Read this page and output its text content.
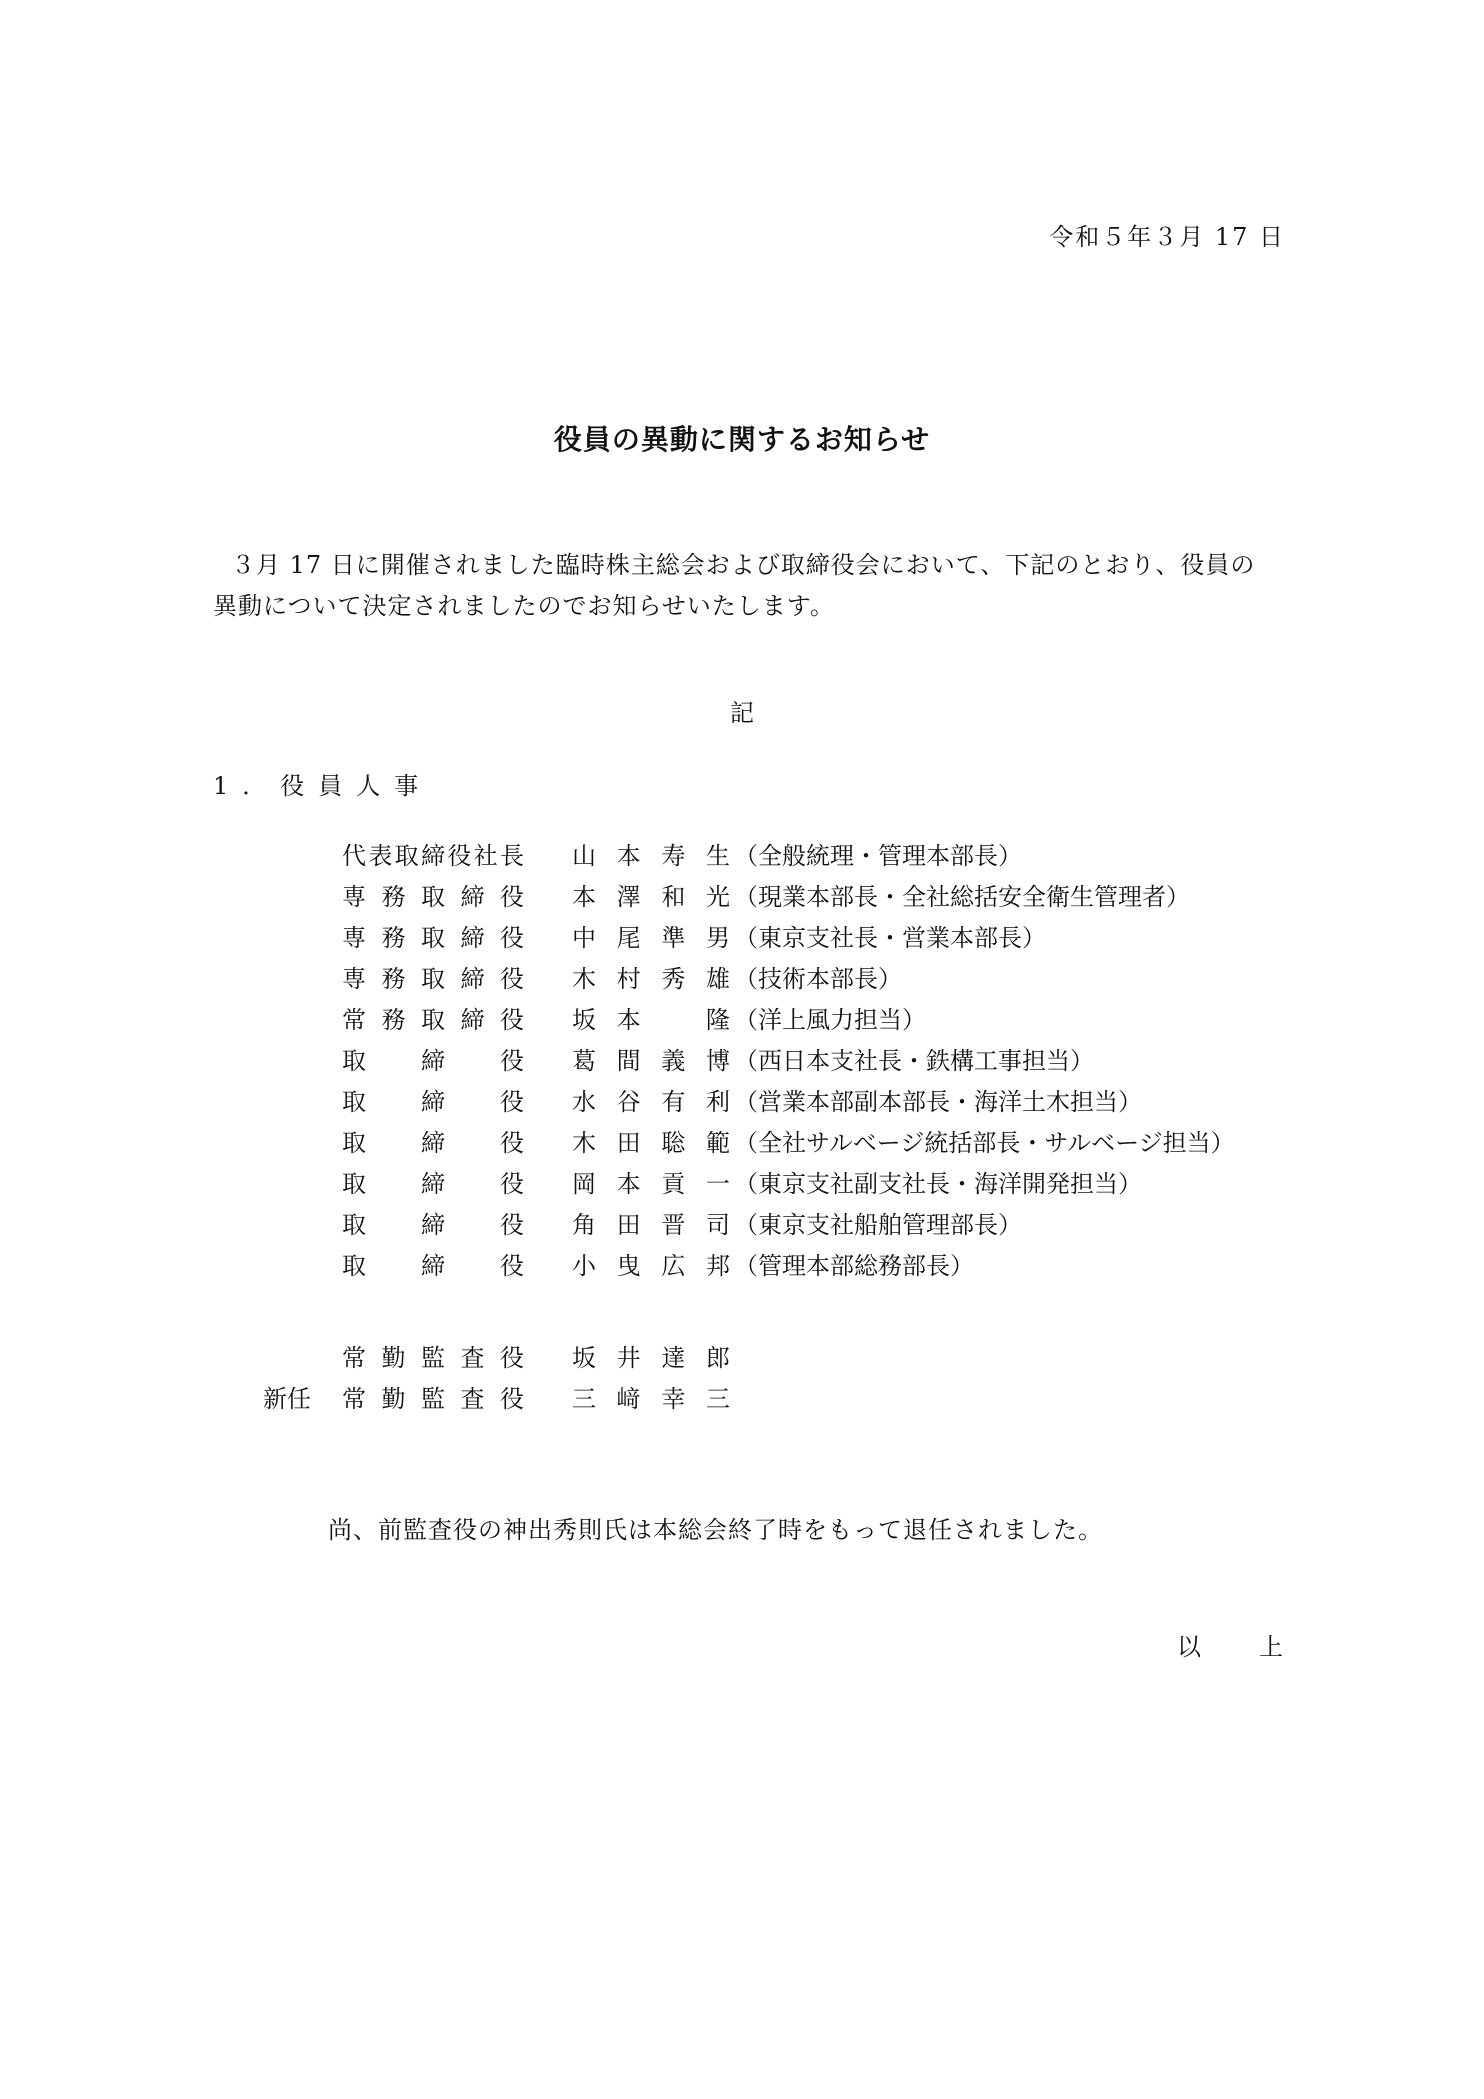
令和５年３月 17 日
役員の異動に関するお知らせ
３月 17 日に開催されました臨時株主総会および取締役会において、下記のとおり、役員の
異動について決定されましたのでお知らせいたします。
記
1．役員人事
代表取締役社長 山本寿生 （全般統理・管理本部長）
専務取締役 本澤和光 （現業本部長・全社総括安全衛生管理者）
専務取締役 中尾準男 （東京支社長・営業本部長）
専務取締役 木村秀雄 （技術本部長）
常務取締役 坂本　隆 （洋上風力担当）
取締役 葛間義博 （西日本支社長・鉄構工事担当）
取締役 水谷有利 （営業本部副本部長・海洋土木担当）
取締役 木田聡範 （全社サルベージ統括部長・サルベージ担当）
取締役 岡本貢一 （東京支社副支社長・海洋開発担当）
取締役 角田晋司 （東京支社船舶管理部長）
取締役 小曳広邦 （管理本部総務部長）
常勤監査役 坂井達郎
新任 常勤監査役 三﨑幸三
尚、前監査役の神出秀則氏は本総会終了時をもって退任されました。
以上
